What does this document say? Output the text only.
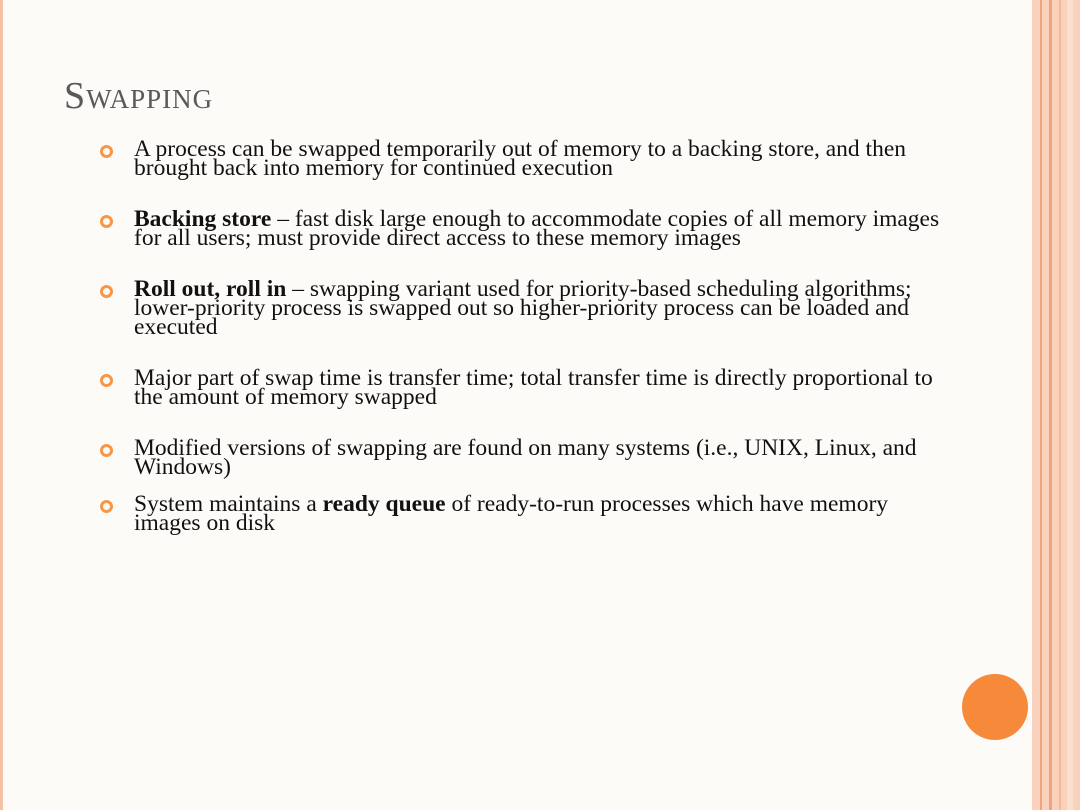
Swapping
A process can be swapped temporarily out of memory to a backing store, and then brought back into memory for continued execution
Backing store – fast disk large enough to accommodate copies of all memory images for all users; must provide direct access to these memory images
Roll out, roll in – swapping variant used for priority-based scheduling algorithms; lower-priority process is swapped out so higher-priority process can be loaded and executed
Major part of swap time is transfer time; total transfer time is directly proportional to the amount of memory swapped
Modified versions of swapping are found on many systems (i.e., UNIX, Linux, and Windows)
System maintains a ready queue of ready-to-run processes which have memory images on disk
